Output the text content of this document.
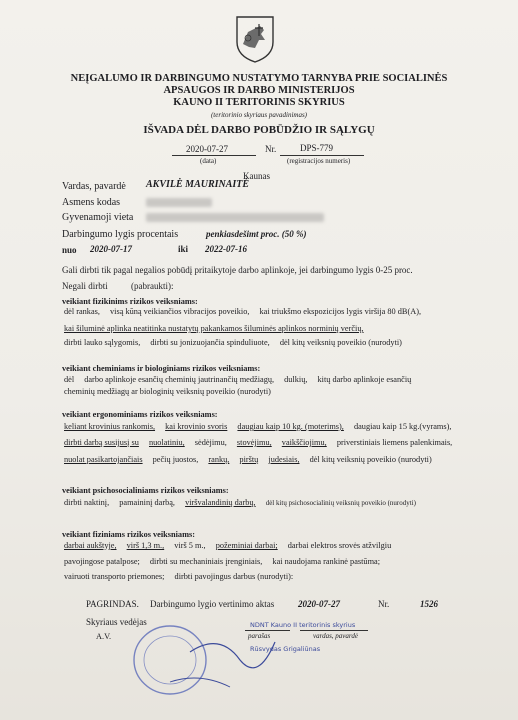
NEĮGALUMO IR DARBINGUMO NUSTATYMO TARNYBA PRIE SOCIALINĖS
APSAUGOS IR DARBO MINISTERIJOS
KAUNO II TERITORINIS SKYRIUS
(teritorinio skyriaus pavadinimas)
IŠVADA DĖL DARBO POBŪDŽIO IR SĄLYGŲ
2020-07-27
(data)
Nr.	DPS-779
(registracijos numeris)
Kaunas
Vardas, pavardė AKVILĖ MAURINAITĖ
Asmens kodas
Gyvenamoji vieta
Darbingumo lygis procentais	penkiasdešimt proc. (50 %)
nuo 2020-07-17	iki 2022-07-16
Gali dirbti tik pagal negalios pobūdį pritaikytoje darbo aplinkoje, jei darbingumo lygis 0-25 proc.
Negali dirbti	(pabraukti):
veikiant fizikinims rizikos veiksniams:
dėl rankas, visą kūną veikiančios vibracijos poveikio, kai triukšmo ekspozicijos lygis viršija 80 dB(A),
kai šiluminė aplinka neatitinka nustatytų pakankamos šiluminės aplinkos norminių verčių,
dirbti lauko sąlygomis, dirbti su jonizuojančia spinduliuote, dėl kitų veiksnių poveikio (nurodyti)
veikiant cheminiams ir biologiniams rizikos veiksniams:
dėl darbo aplinkoje esančių cheminių jautrinančių medžiagų, dulkių, kitų darbo aplinkoje esančių
cheminių medžiagų ar biologinių veiksnių poveikio (nurodyti)
veikiant ergonominiams rizikos veiksniams:
keliant krovinius rankomis, kai krovinio svoris daugiau kaip 10 kg. (moterims), daugiau kaip 15 kg.(vyrams),
dirbti darbą susijusį su nuolatiniu, sėdėjimu, stovėjimu, vaikščiojimu, priverstiniais liemens palenkimais,
nuolat pasikartojančiais pečių juostos, rankų, pirštų judesiais, dėl kitų veiksnių poveikio (nurodyti)
veikiant psichosocialiniams rizikos veiksniams:
dirbti naktinį, pamaininį darbą, viršvalandinių darbų, dėl kitų psichosocialinių veiksnių poveikio (nurodyti)
veikiant fiziniams rizikos veiksniams:
darbai aukštyje, virš 1,3 m., virš 5 m., požeminiai darbai; darbai elektros srovės atžvilgiu
pavojingose patalpose; dirbti su mechaniniais įrenginiais, kai naudojama rankinė pastūma;
vairuoti transporto priemones; dirbti pavojingus darbus (nurodyti):
PAGRINDAS. Darbingumo lygio vertinimo aktas	2020-07-27	Nr.	1526
Skyriaus vedėjas
A.V.
NDNT Kauno II teritorinis skyrius
Rūsvydas Grigaliūnas
parašas	vardas, pavardė
